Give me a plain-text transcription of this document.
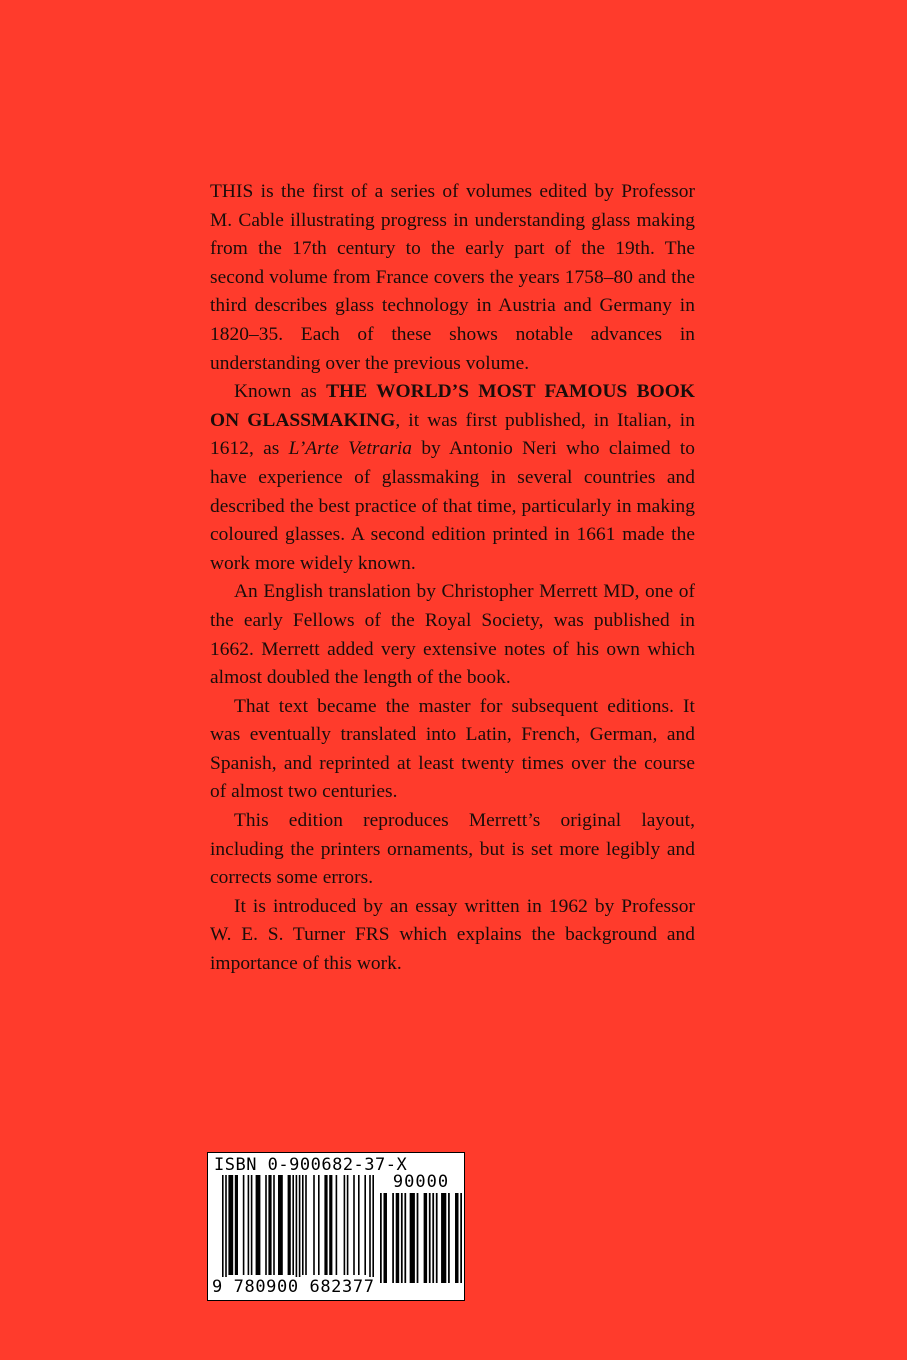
THIS is the first of a series of volumes edited by Professor M. Cable illustrating progress in understanding glass making from the 17th century to the early part of the 19th. The second volume from France covers the years 1758–80 and the third describes glass technology in Austria and Germany in 1820–35. Each of these shows notable advances in understanding over the previous volume.

Known as THE WORLD’S MOST FAMOUS BOOK ON GLASSMAKING, it was first published, in Italian, in 1612, as L’Arte Vetraria by Antonio Neri who claimed to have experience of glassmaking in several countries and described the best practice of that time, particularly in making coloured glasses. A second edition printed in 1661 made the work more widely known.

An English translation by Christopher Merrett MD, one of the early Fellows of the Royal Society, was published in 1662. Merrett added very extensive notes of his own which almost doubled the length of the book.

That text became the master for subsequent editions. It was eventually translated into Latin, French, German, and Spanish, and reprinted at least twenty times over the course of almost two centuries.

This edition reproduces Merrett’s original layout, including the printers ornaments, but is set more legibly and corrects some errors.

It is introduced by an essay written in 1962 by Professor W. E. S. Turner FRS which explains the background and importance of this work.

ISBN 0-900682-37-X
90000
9 780900 682377
